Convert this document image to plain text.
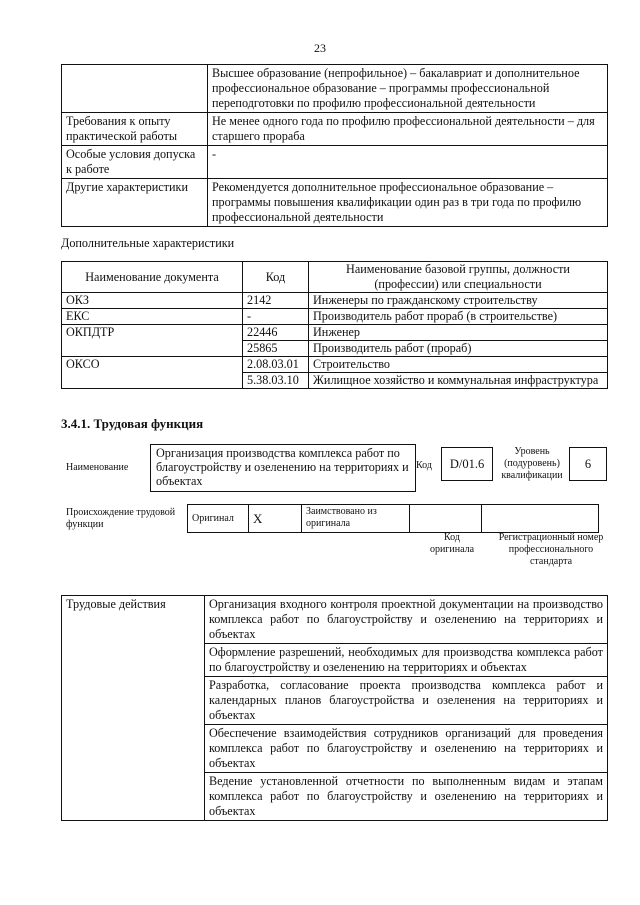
23
	Высшее образование (непрофильное) – бакалавриат и дополнительное профессиональное образование – программы профессиональной переподготовки по профилю профессиональной деятельности
Требования к опыту практической работы	Не менее одного года по профилю профессиональной деятельности – для старшего прораба
Особые условия допуска к работе	-
Другие характеристики	Рекомендуется дополнительное профессиональное образование – программы повышения квалификации один раз в три года по профилю профессиональной деятельности
Дополнительные характеристики
Наименование документа	Код	Наименование базовой группы, должности (профессии) или специальности
ОКЗ	2142	Инженеры по гражданскому строительству
ЕКС	-	Производитель работ прораб (в строительстве)
ОКПДТР	22446	Инженер
	25865	Производитель работ (прораб)
ОКСО	2.08.03.01	Строительство
	5.38.03.10	Жилищное хозяйство и коммунальная инфраструктура
3.4.1. Трудовая функция
Наименование
Организация производства комплекса работ по благоустройству и озеленению на территориях и объектах
Код	D/01.6
Уровень (подуровень) квалификации
6
Происхождение трудовой функции
Оригинал	X	Заимствовано из оригинала		
Код оригинала
Регистрационный номер профессионального стандарта
Трудовые действия	Организация входного контроля проектной документации на производство комплекса работ по благоустройству и озеленению на территориях и объектах
Оформление разрешений, необходимых для производства комплекса работ по благоустройству и озеленению на территориях и объектах
Разработка, согласование проекта производства комплекса работ и календарных планов благоустройства и озеленения на территориях и объектах
Обеспечение взаимодействия сотрудников организаций для проведения комплекса работ по благоустройству и озеленению на территориях и объектах
Ведение установленной отчетности по выполненным видам и этапам комплекса работ по благоустройству и озеленению на территориях и объектах
